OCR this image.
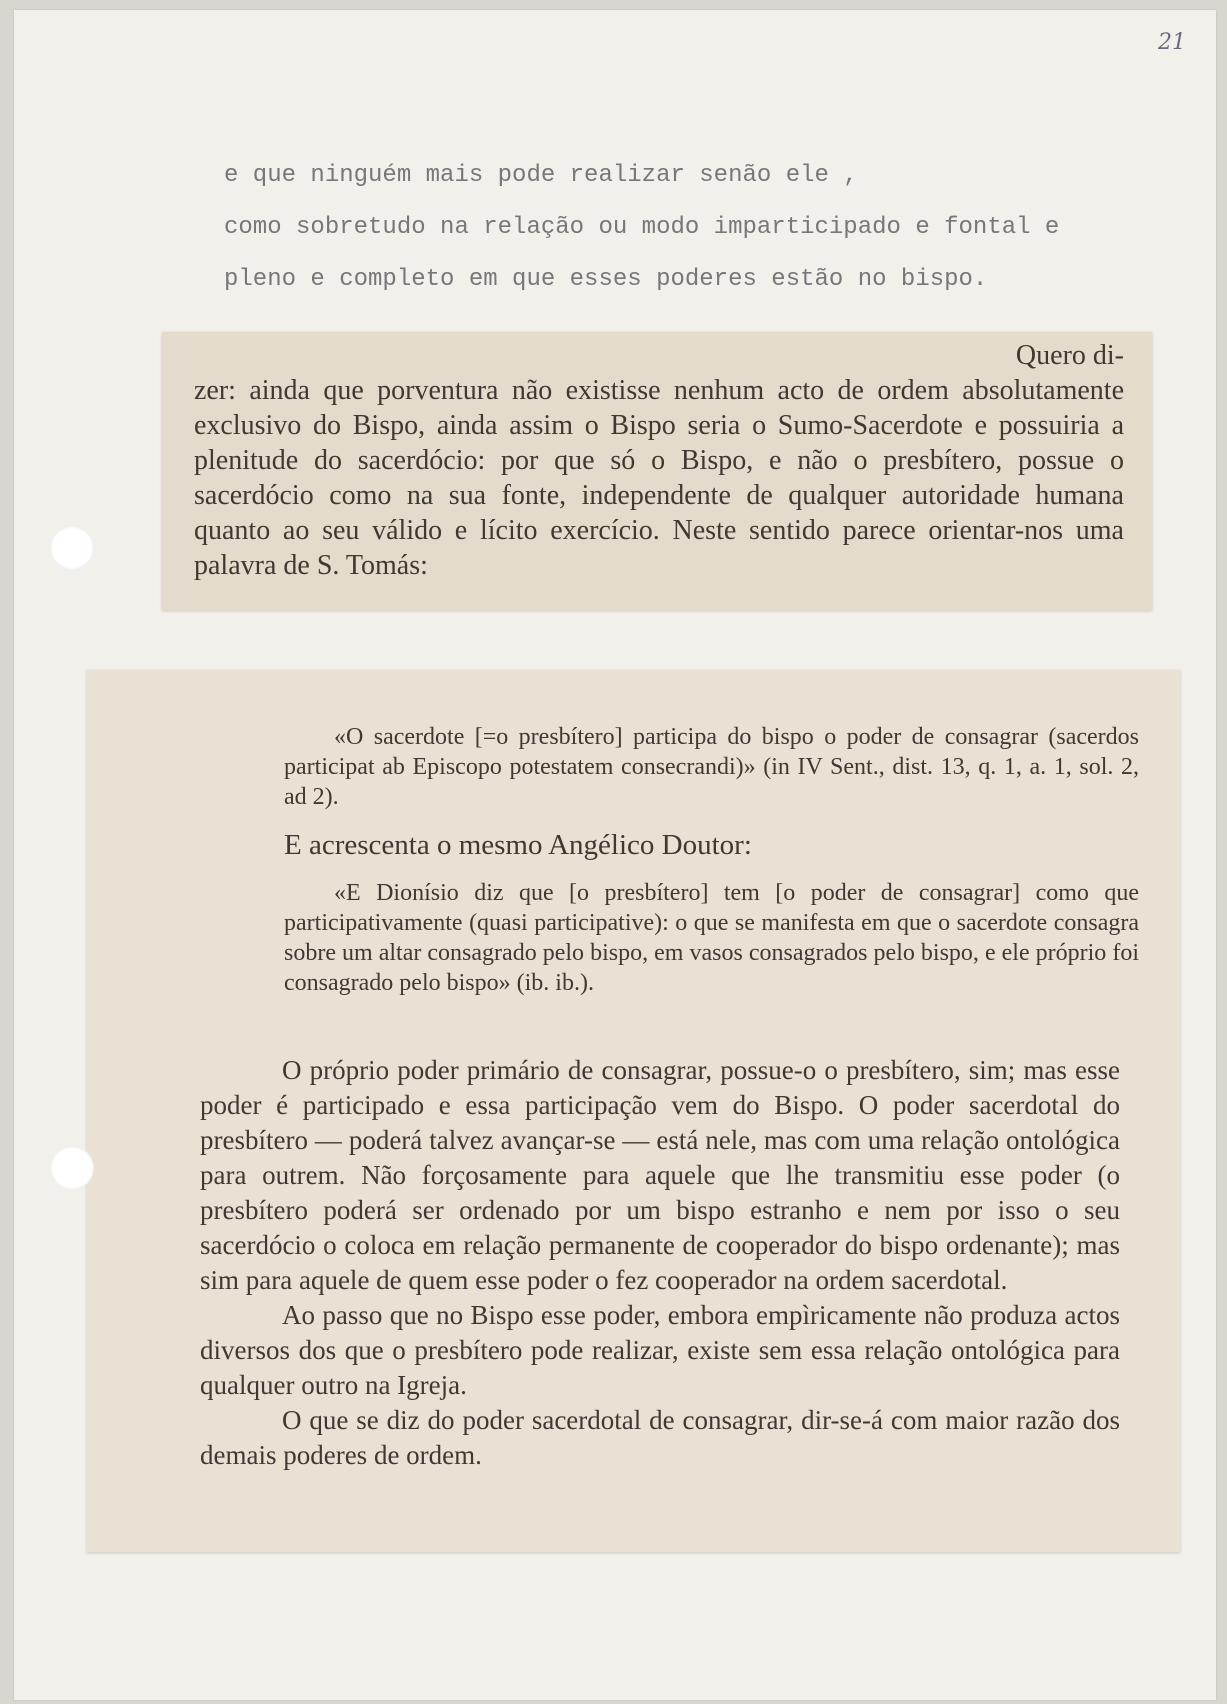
21
e que ninguém mais pode realizar senão ele ,
como sobretudo na relação ou modo imparticipado e fontal e
pleno e completo em que esses poderes estão no bispo.
Quero di-
zer: ainda que porventura não existisse nenhum acto de ordem absolutamente exclusivo do Bispo, ainda assim o Bispo seria o Sumo-Sacerdote e possuiria a plenitude do sacerdócio: por que só o Bispo, e não o presbítero, possue o sacerdócio como na sua fonte, independente de qualquer autoridade humana quanto ao seu válido e lícito exercício. Neste sentido parece orientar-nos uma palavra de S. Tomás:
«O sacerdote [=o presbítero] participa do bispo o poder de consagrar (sacerdos participat ab Episcopo potestatem consecrandi)» (in IV Sent., dist. 13, q. 1, a. 1, sol. 2, ad 2).
E acrescenta o mesmo Angélico Doutor:
«E Dionísio diz que [o presbítero] tem [o poder de consagrar] como que participativamente (quasi participative): o que se manifesta em que o sacerdote consagra sobre um altar consagrado pelo bispo, em vasos consagrados pelo bispo, e ele próprio foi consagrado pelo bispo» (ib. ib.).

O próprio poder primário de consagrar, possue-o o presbítero, sim; mas esse poder é participado e essa participação vem do Bispo. O poder sacerdotal do presbítero — poderá talvez avançar-se — está nele, mas com uma relação ontológica para outrem. Não forçosamente para aquele que lhe transmitiu esse poder (o presbítero poderá ser ordenado por um bispo estranho e nem por isso o seu sacerdócio o coloca em relação permanente de cooperador do bispo ordenante); mas sim para aquele de quem esse poder o fez cooperador na ordem sacerdotal.

Ao passo que no Bispo esse poder, embora empìricamente não produza actos diversos dos que o presbítero pode realizar, existe sem essa relação ontológica para qualquer outro na Igreja.

O que se diz do poder sacerdotal de consagrar, dir-se-á com maior razão dos demais poderes de ordem.
